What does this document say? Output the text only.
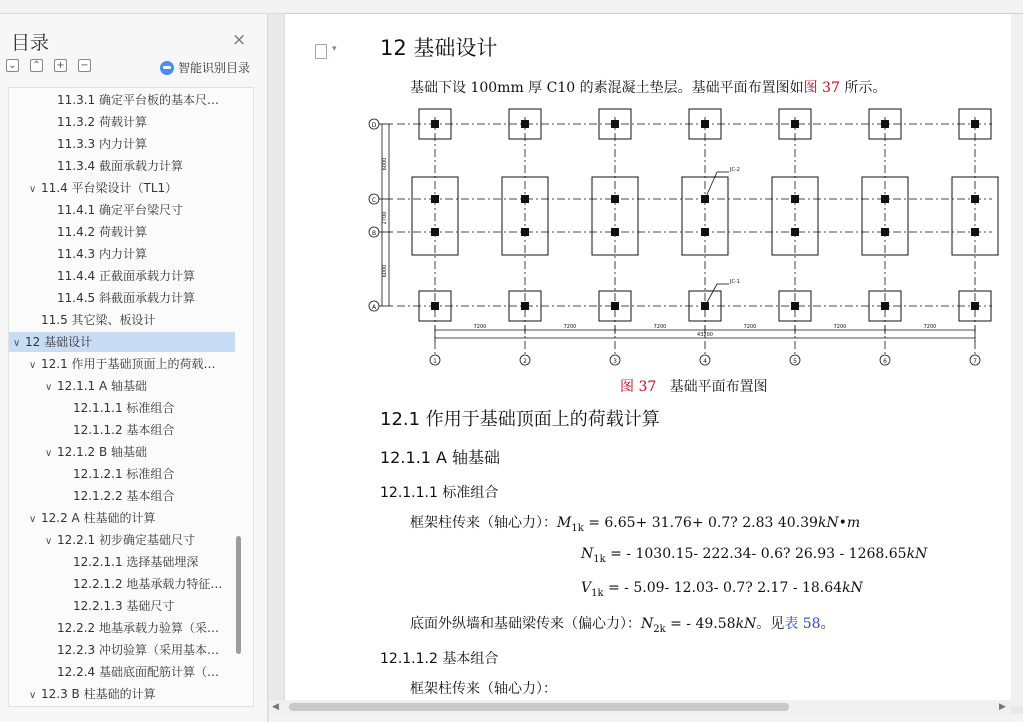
目录	×
⌄ ⌃ + −	智能识别目录
11.3.1 确定平台板的基本尺…
11.3.2 荷载计算
11.3.3 内力计算
11.3.4 截面承载力计算
∨ 11.4 平台梁设计（TL1）
11.4.1 确定平台梁尺寸
11.4.2 荷载计算
11.4.3 内力计算
11.4.4 正截面承载力计算
11.4.5 斜截面承载力计算
11.5 其它梁、板设计
∨ 12 基础设计
∨ 12.1 作用于基础顶面上的荷载…
∨ 12.1.1 A 轴基础
12.1.1.1 标准组合
12.1.1.2 基本组合
∨ 12.1.2 B 轴基础
12.1.2.1 标准组合
12.1.2.2 基本组合
∨ 12.2 A 柱基础的计算
∨ 12.2.1 初步确定基础尺寸
12.2.1.1 选择基础埋深
12.2.1.2 地基承载力特征…
12.2.1.3 基础尺寸
12.2.2 地基承载力验算（采…
12.2.3 冲切验算（采用基本…
12.2.4 基础底面配筋计算（…
∨ 12.3 B 柱基础的计算
▾
12 基础设计
基础下设 100mm 厚 C10 的素混凝土垫层。基础平面布置图如图 37 所示。
1	2	3	4	5	6	7
D
C
B
A
7200	7200	7200	7200	7200	7200
43200
6000
2700
6000
JC-2
JC-1
图 37 基础平面布置图
12.1 作用于基础顶面上的荷载计算
12.1.1 A 轴基础
12.1.1.1 标准组合
框架柱传来（轴心力）：$M_{1k} = 6.65+ 31.76+ 0.7$? 2.83 40.39kN•m
$N_{1k}$ = - 1030.15- 222.34- 0.6? 26.93 - 1268.65kN
$V_{1k}$ = - 5.09- 12.03- 0.7? 2.17 - 18.64kN
底面外纵墙和基础梁传来（偏心力）：$N_{2k}$ = - 49.58kN。见表 58。
12.1.1.2 基本组合
框架柱传来（轴心力）：
◀	▶
